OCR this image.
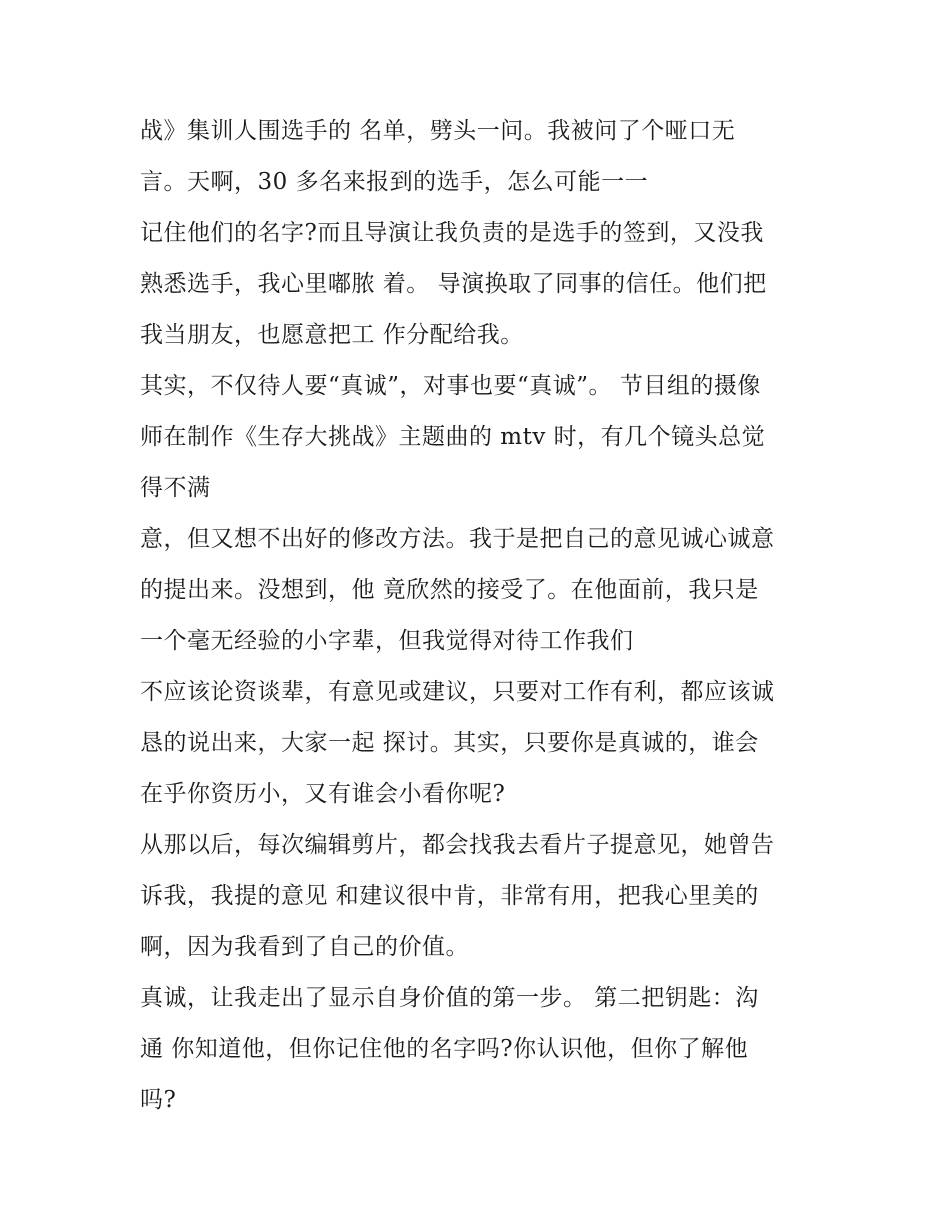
战》集训人围选手的 名单，劈头一问。我被问了个哑口无
言。天啊，30 多名来报到的选手，怎么可能一一
记住他们的名字?而且导演让我负责的是选手的签到，又没我
熟悉选手，我心里嘟脓 着。 导演换取了同事的信任。他们把
我当朋友，也愿意把工 作分配给我。
其实，不仅待人要“真诚”，对事也要“真诚”。 节目组的摄像
师在制作《生存大挑战》主题曲的 mtv 时，有几个镜头总觉
得不满
意，但又想不出好的修改方法。我于是把自己的意见诚心诚意
的提出来。没想到，他 竟欣然的接受了。在他面前，我只是
一个毫无经验的小字辈，但我觉得对待工作我们
不应该论资谈辈，有意见或建议，只要对工作有利，都应该诚
恳的说出来，大家一起 探讨。其实，只要你是真诚的，谁会
在乎你资历小，又有谁会小看你呢?
从那以后，每次编辑剪片，都会找我去看片子提意见，她曾告
诉我，我提的意见 和建议很中肯，非常有用，把我心里美的
啊，因为我看到了自己的价值。
真诚，让我走出了显示自身价值的第一步。 第二把钥匙：沟
通 你知道他，但你记住他的名字吗?你认识他，但你了解他
吗?
